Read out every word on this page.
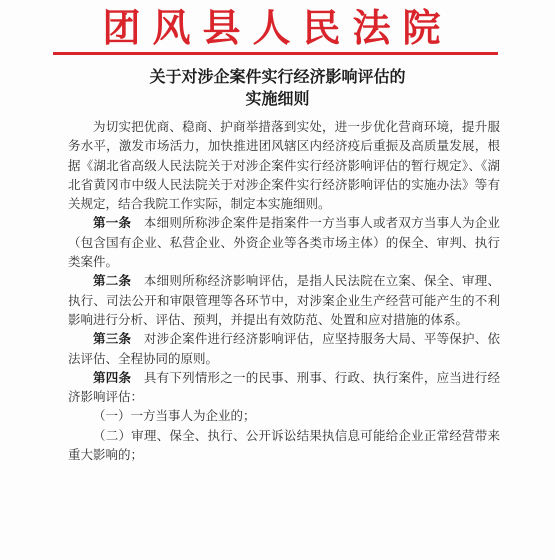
团风县人民法院
关于对涉企案件实行经济影响评估的
实施细则

为切实把优商、稳商、护商举措落到实处，进一步优化营商环境，提升服务水平，激发市场活力，加快推进团风辖区内经济疫后重振及高质量发展，根据《湖北省高级人民法院关于对涉企案件实行经济影响评估的暂行规定》、《湖北省黄冈市中级人民法院关于对涉企案件实行经济影响评估的实施办法》等有关规定，结合我院工作实际，制定本实施细则。

第一条　 本细则所称涉企案件是指案件一方当事人或者双方当事人为企业（包含国有企业、私营企业、外资企业等各类市场主体）的保全、审判、执行类案件。

第二条　 本细则所称经济影响评估，是指人民法院在立案、保全、审理、执行、司法公开和审限管理等各环节中，对涉案企业生产经营可能产生的不利影响进行分析、评估、预判，并提出有效防范、处置和应对措施的体系。

第三条　 对涉企案件进行经济影响评估，应坚持服务大局、平等保护、依法评估、全程协同的原则。

第四条　 具有下列情形之一的民事、刑事、行政、执行案件，应当进行经济影响评估：

（一）一方当事人为企业的；

（二）审理、保全、执行、公开诉讼结果执信息可能给企业正常经营带来重大影响的；
